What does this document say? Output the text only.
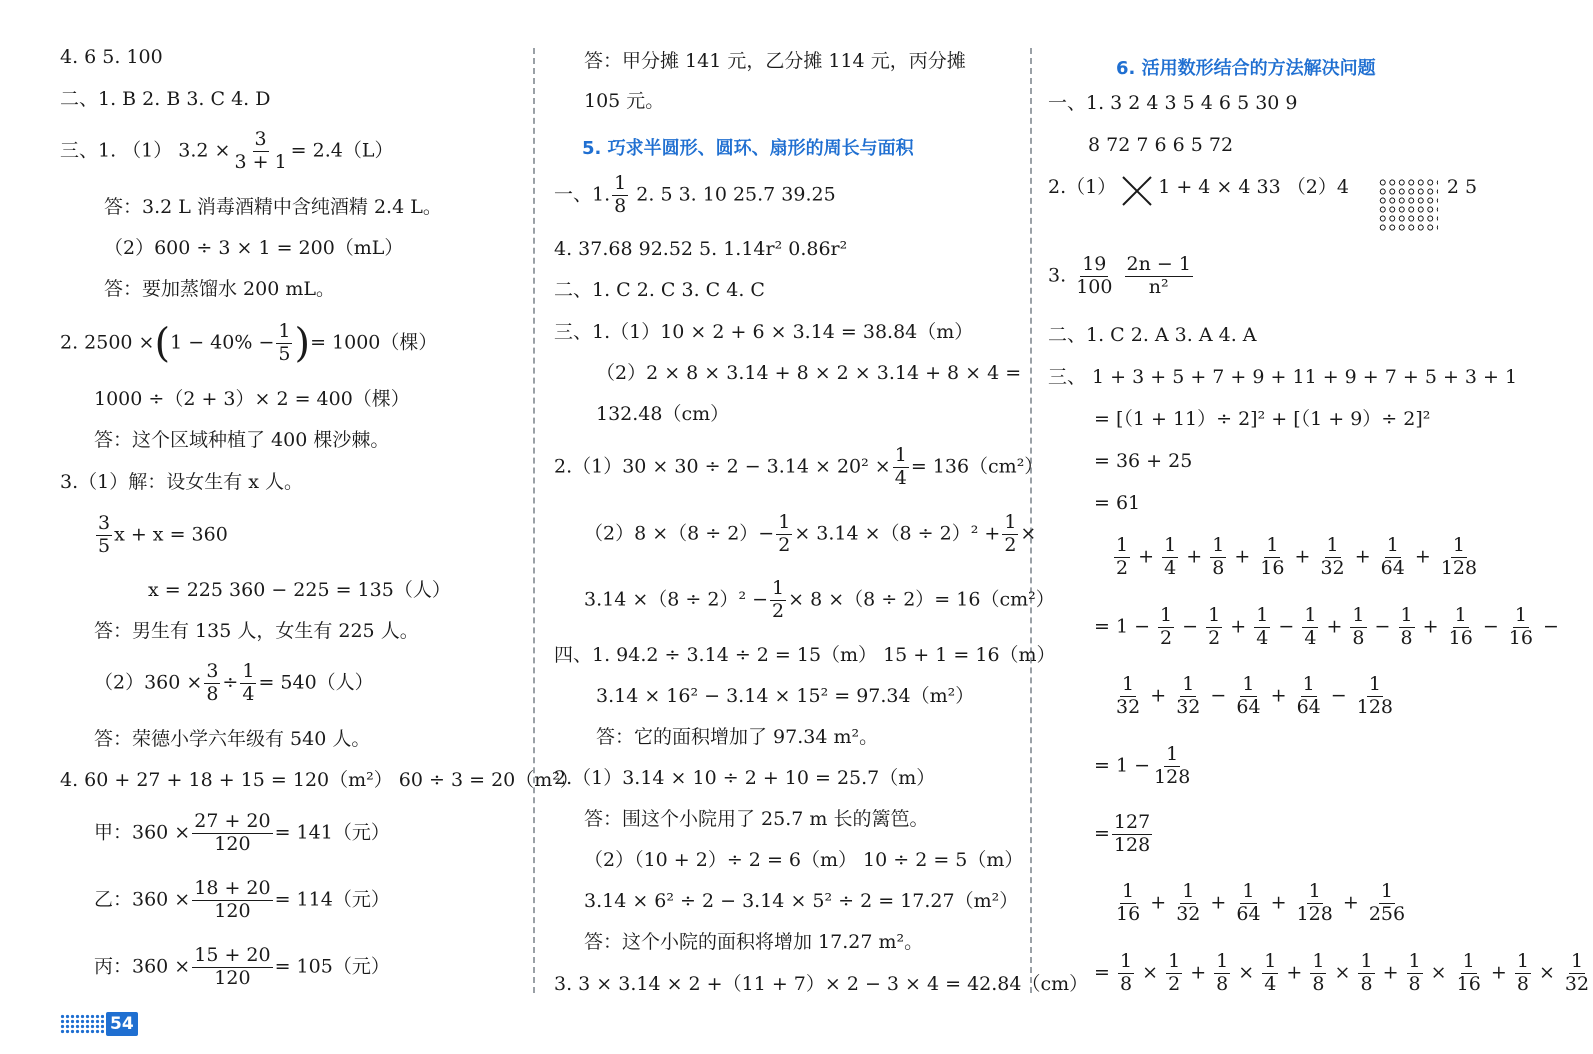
4. 6 5. 100
二、1. B 2. B 3. C 4. D
三、1. （1） $3.2 \times \frac{3}{3 + 1} = 2.4(L)$
答：3.2 L 消毒酒精中含纯酒精 2.4 L。
（2）600 ÷ 3 × 1 = 200（mL）
答：要加蒸馏水 200 mL。
2. $2500 \times(1 - 40\% - \frac{1}{5}$ )= 1000（棵）
1000 ÷（2 + 3）× 2 = 400（棵）
答：这个区域种植了 400 棵沙棘。
3.（1）解：设女生有 x 人。
$\frac{3}{5}$ x + x = 360
x = 225 360 − 225 = 135（人）
答：男生有 135 人，女生有 225 人。
$(2)360 \times \frac{3}{8} \div \frac{1}{4} = 540$（人）
答：荣德小学六年级有 540 人。
4. 60 + 27 + 18 + 15 = 120（m²） 60 ÷ 3 = 20（m²）
甲：$360 \times \frac{27 + 20}{120} = 141$（元）
乙：$360 \times \frac{18 + 20}{120} = 114$（元）
丙：$360 \times \frac{15 + 20}{120} = 105$（元）
答：甲分摊 141 元，乙分摊 114 元，丙分摊
105 元。
5. 巧求半圆形、圆环、扇形的周长与面积
一、1. $\frac{1}{8} 2$. 5 3. 10 25.7 39.25
4. 37.68 92.52 5. 1.14r² 0.86r²
二、1. C 2. C 3. C 4. C
三、1.（1）10 × 2 + 6 × 3.14 = 38.84（m）
（2）2 × 8 × 3.14 + 8 × 2 × 3.14 + 8 × 4 =
132.48（cm）
$2.(1)30 \times 30 \div 2 - 3.14 \times 20^2 \times \frac{1}{4} = 136(cm^2)$
$(2)8 \times(8 \div 2)- \frac{1}{2} \times 3.14 \times(8 \div 2)^2 + \frac{1}{2}$ ×
$3.14 \times(8 \div 2)^2 - \frac{1}{2} \times 8 \times(8 \div 2)= 16(cm^2)$
四、1. 94.2 ÷ 3.14 ÷ 2 = 15（m） 15 + 1 = 16（m）
3.14 × 16² − 3.14 × 15² = 97.34（m²）
答：它的面积增加了 97.34 m²。
2.（1）3.14 × 10 ÷ 2 + 10 = 25.7（m）
答：围这个小院用了 25.7 m 长的篱笆。
（2）（10 + 2）÷ 2 = 6（m） 10 ÷ 2 = 5（m）
3.14 × 6² ÷ 2 − 3.14 × 5² ÷ 2 = 17.27（m²）
答：这个小院的面积将增加 17.27 m²。
3. 3 × 3.14 × 2 +（11 + 7）× 2 − 3 × 4 = 42.84（cm）
6. 活用数形结合的方法解决问题
一、1. 3 2 4 3 5 4 6 5 30 9
8 72 7 6 6 5 72
2.（1） 1 + 4 × 4 33 （2）4	2 5
3. $\frac{19}{100}$
$\frac{2n - 1}{\text{n²}}$
二、1. C 2. A 3. A 4. A
三、 1 + 3 + 5 + 7 + 9 + 11 + 9 + 7 + 5 + 3 + 1
= [（1 + 11）÷ 2]² + [（1 + 9）÷ 2]²
= 36 + 25
= 61
$\frac{1}{2} + \frac{1}{4} + \frac{1}{8} + \frac{1}{16} + \frac{1}{32} + \frac{1}{64} + \frac{1}{128}$
= $1 - \frac{1}{2} - \frac{1}{2} + \frac{1}{4} - \frac{1}{4} + \frac{1}{8} - \frac{1}{8} + \frac{1}{16} - \frac{1}{16}$ −
$\frac{1}{32} + \frac{1}{32} - \frac{1}{64} + \frac{1}{64} - \frac{1}{128}$
= $1 - \frac{1}{128}$
= $\frac{127}{128}$
$\frac{1}{16} + \frac{1}{32} + \frac{1}{64} + \frac{1}{128} + \frac{1}{256}$
= $\frac{1}{8} \times \frac{1}{2} + \frac{1}{8} \times \frac{1}{4} + \frac{1}{8} \times \frac{1}{8} + \frac{1}{8} \times \frac{1}{16} + \frac{1}{8} \times \frac{1}{32}$
54
